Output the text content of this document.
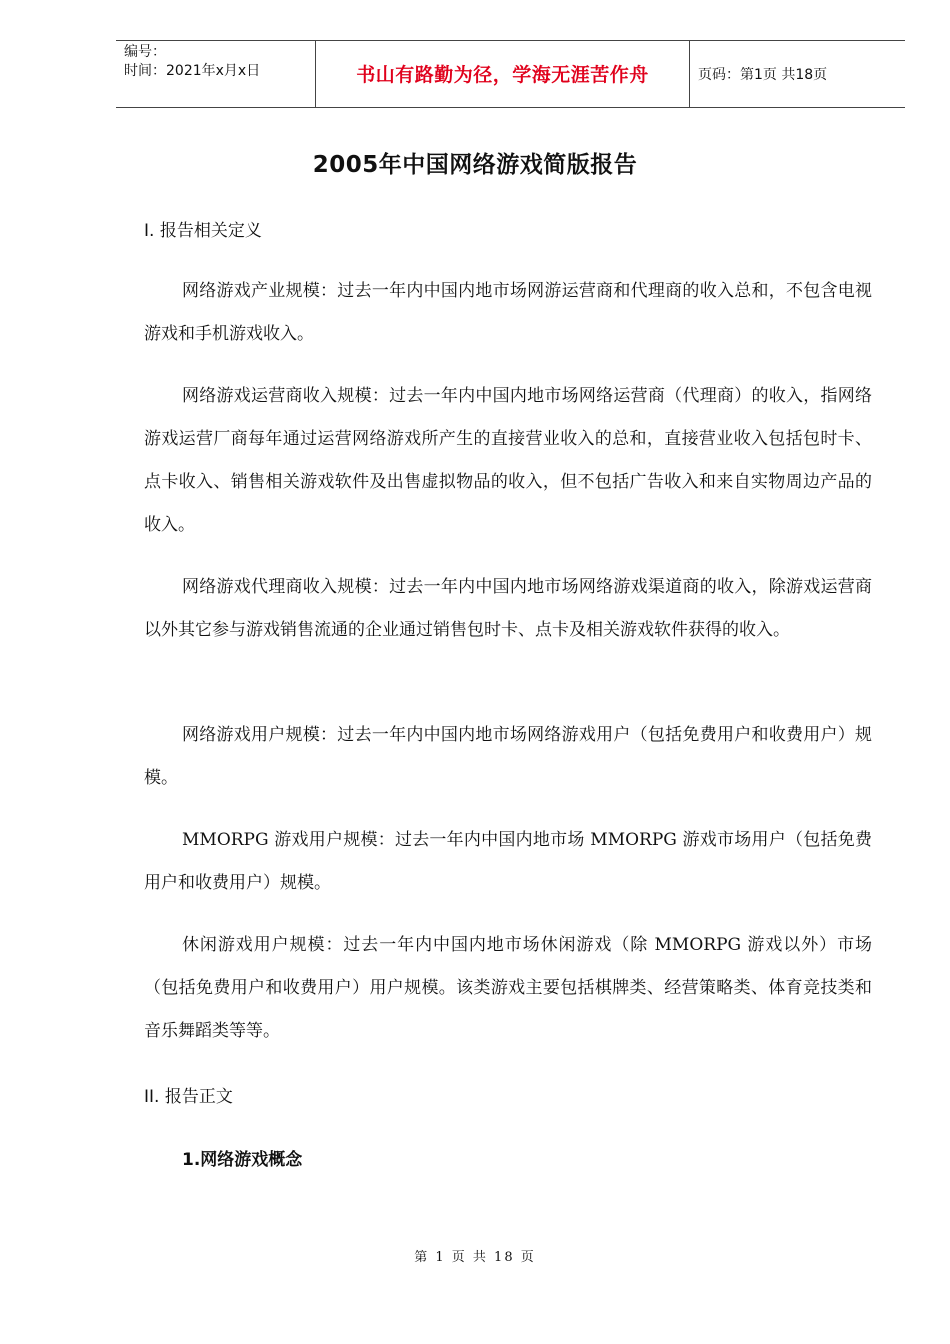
编号：
时间：2021年x月x日	书山有路勤为径，学海无涯苦作舟	页码：第1页 共18页
2005年中国网络游戏简版报告
I. 报告相关定义
网络游戏产业规模：过去一年内中国内地市场网游运营商和代理商的收入总和，不包含电视游戏和手机游戏收入。
网络游戏运营商收入规模：过去一年内中国内地市场网络运营商（代理商）的收入，指网络游戏运营厂商每年通过运营网络游戏所产生的直接营业收入的总和，直接营业收入包括包时卡、点卡收入、销售相关游戏软件及出售虚拟物品的收入，但不包括广告收入和来自实物周边产品的收入。
网络游戏代理商收入规模：过去一年内中国内地市场网络游戏渠道商的收入，除游戏运营商以外其它参与游戏销售流通的企业通过销售包时卡、点卡及相关游戏软件获得的收入。
网络游戏用户规模：过去一年内中国内地市场网络游戏用户（包括免费用户和收费用户）规模。
MMORPG 游戏用户规模：过去一年内中国内地市场 MMORPG 游戏市场用户（包括免费用户和收费用户）规模。
休闲游戏用户规模：过去一年内中国内地市场休闲游戏（除 MMORPG 游戏以外）市场（包括免费用户和收费用户）用户规模。该类游戏主要包括棋牌类、经营策略类、体育竞技类和音乐舞蹈类等等。
II. 报告正文
1.网络游戏概念
第 1 页 共 18 页
